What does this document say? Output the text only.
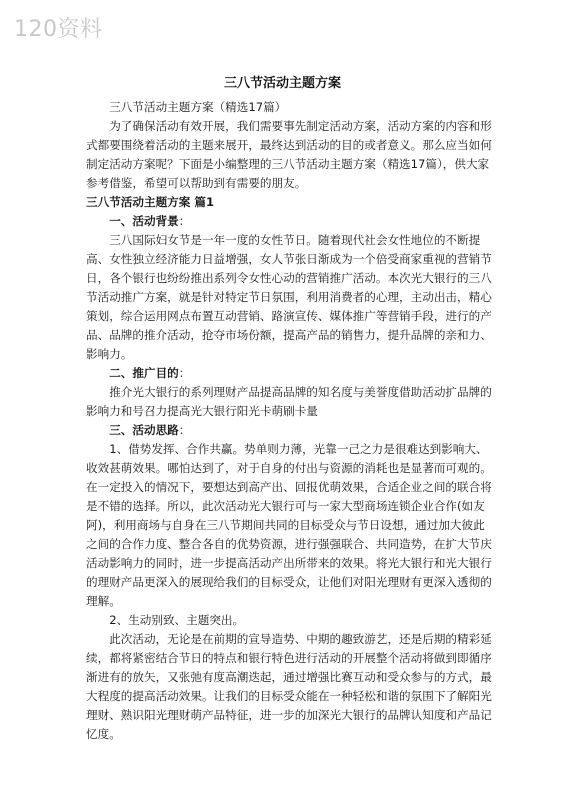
120资料
三八节活动主题方案

三八节活动主题方案（精选17篇）

为了确保活动有效开展，我们需要事先制定活动方案，活动方案的内容和形式都要围绕着活动的主题来展开，最终达到活动的目的或者意义。那么应当如何制定活动方案呢？下面是小编整理的三八节活动主题方案（精选17篇），供大家参考借鉴，希望可以帮助到有需要的朋友。

三八节活动主题方案 篇1

一、活动背景：

三八国际妇女节是一年一度的女性节日。随着现代社会女性地位的不断提高、女性独立经济能力日益增强，女人节张日渐成为一个倍受商家重视的营销节日，各个银行也纷纷推出系列令女性心动的营销推广活动。本次光大银行的三八节活动推广方案，就是针对特定节日氛围，利用消费者的心理，主动出击，精心策划，综合运用网点布置互动营销、路演宣传、媒体推广等营销手段，进行的产品、品牌的推介活动，抢夺市场份额，提高产品的销售力，提升品牌的亲和力、影响力。

二、推广目的：

推介光大银行的系列理财产品提高品牌的知名度与美誉度借助活动扩品牌的影响力和号召力提高光大银行阳光卡萌刷卡量

三、活动思路：

1、借势发挥、合作共赢。势单则力薄，光靠一己之力是很难达到影响大、收效甚萌效果。哪怕达到了，对于自身的付出与资源的消耗也是显著而可观的。在一定投入的情况下，要想达到高产出、回报优萌效果，合适企业之间的联合将是不错的选择。所以，此次活动光大银行可与一家大型商场连锁企业合作(如友阿)，利用商场与自身在三八节期间共同的目标受众与节日设想，通过加大彼此之间的合作力度、整合各自的优势资源，进行强强联合、共同造势，在扩大节庆活动影响力的同时，进一步提高活动产出所带来的效果。将光大银行和光大银行的理财产品更深入的展现给我们的目标受众，让他们对阳光理财有更深入透彻的理解。

2、生动别致、主题突出。

此次活动，无论是在前期的宣导造势、中期的趣致游艺，还是后期的精彩延续，都将紧密结合节日的特点和银行特色进行活动的开展整个活动将做到即循序渐进有的放矢，又张弛有度高潮迭起，通过增强比赛互动和受众参与的方式，最大程度的提高活动效果。让我们的目标受众能在一种轻松和谐的氛围下了解阳光理财、熟识阳光理财萌产品特征，进一步的加深光大银行的品牌认知度和产品记忆度。
